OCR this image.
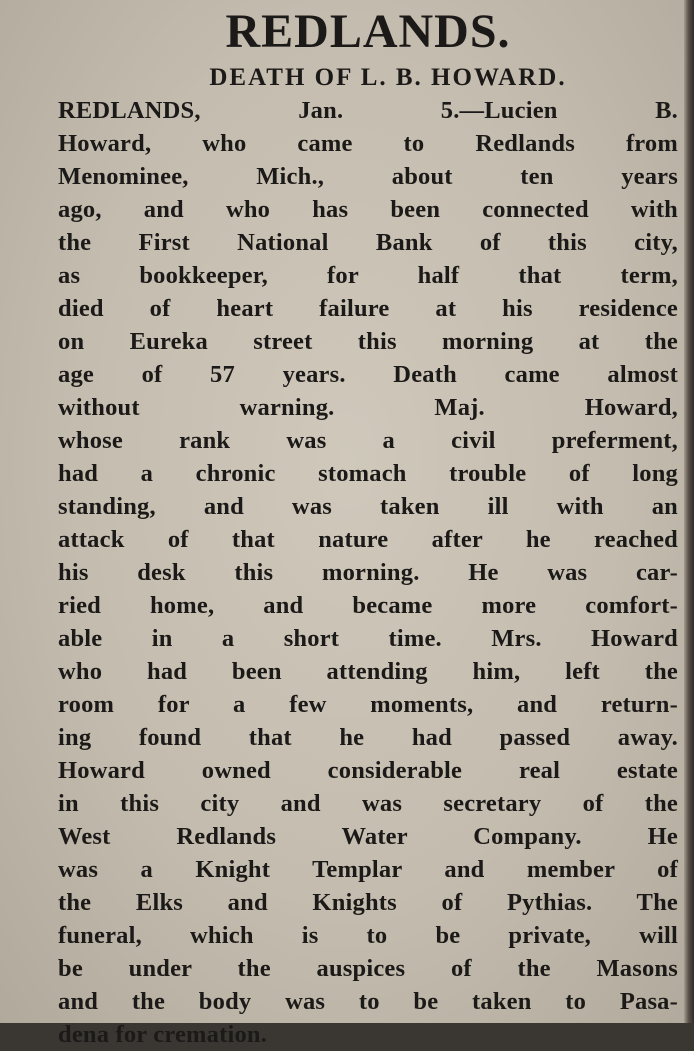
REDLANDS.
DEATH OF L. B. HOWARD.
REDLANDS, Jan. 5.—Lucien B.
Howard, who came to Redlands from
Menominee, Mich., about ten years
ago, and who has been connected with
the First National Bank of this city,
as bookkeeper, for half that term,
died of heart failure at his residence
on Eureka street this morning at the
age of 57 years. Death came almost
without warning. Maj. Howard,
whose rank was a civil preferment,
had a chronic stomach trouble of long
standing, and was taken ill with an
attack of that nature after he reached
his desk this morning. He was car-
ried home, and became more comfort-
able in a short time. Mrs. Howard
who had been attending him, left the
room for a few moments, and return-
ing found that he had passed away.
Howard owned considerable real estate
in this city and was secretary of the
West Redlands Water Company. He
was a Knight Templar and member of
the Elks and Knights of Pythias. The
funeral, which is to be private, will
be under the auspices of the Masons
and the body was to be taken to Pasa-
dena for cremation.
